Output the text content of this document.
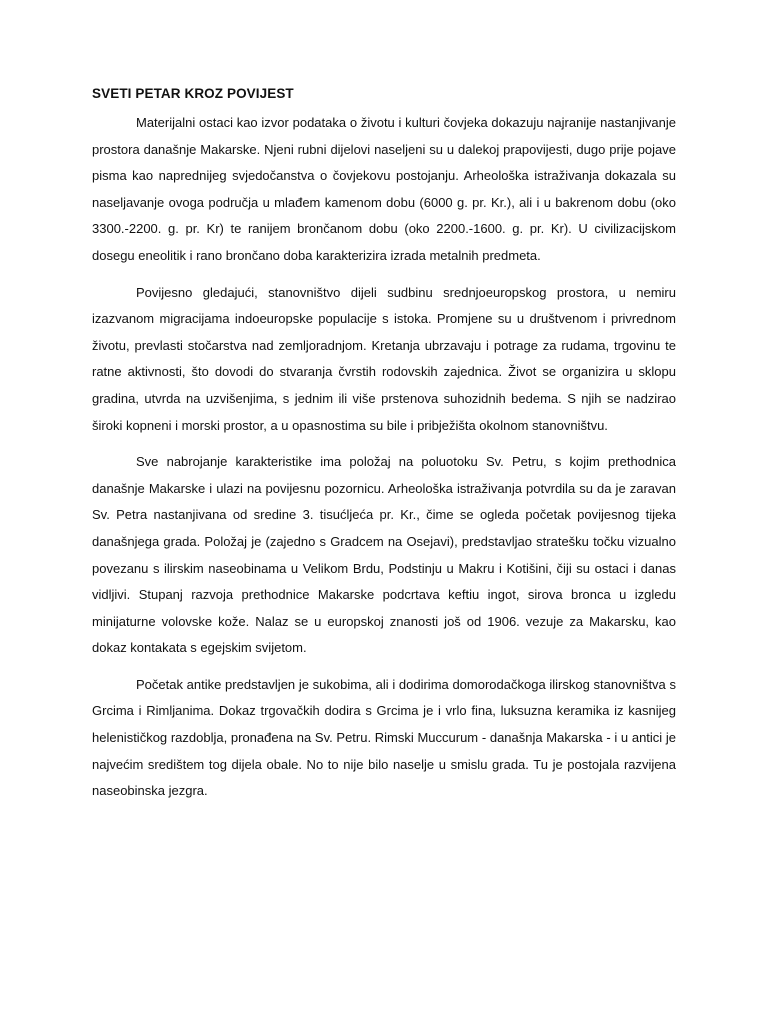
SVETI PETAR KROZ POVIJEST

Materijalni ostaci kao izvor podataka o životu i kulturi čovjeka dokazuju najranije nastanjivanje prostora današnje Makarske. Njeni rubni dijelovi naseljeni su u dalekoj prapovijesti, dugo prije pojave pisma kao naprednijeg svjedočanstva o čovjekovu postojanju. Arheološka istraživanja dokazala su naseljavanje ovoga područja u mlađem kamenom dobu (6000 g. pr. Kr.), ali i u bakrenom dobu (oko 3300.-2200. g. pr. Kr) te ranijem brončanom dobu (oko 2200.-1600. g. pr. Kr). U civilizacijskom dosegu eneolitik i rano brončano doba karakterizira izrada metalnih predmeta.

Povijesno gledajući, stanovništvo dijeli sudbinu srednjoeuropskog prostora, u nemiru izazvanom migracijama indoeuropske populacije s istoka. Promjene su u društvenom i privrednom životu, prevlasti stočarstva nad zemljoradnjom. Kretanja ubrzavaju i potrage za rudama, trgovinu te ratne aktivnosti, što dovodi do stvaranja čvrstih rodovskih zajednica. Život se organizira u sklopu gradina, utvrda na uzvišenjima, s jednim ili više prstenova suhozidnih bedema. S njih se nadzirao široki kopneni i morski prostor, a u opasnostima su bile i pribježišta okolnom stanovništvu.

Sve nabrojanje karakteristike ima položaj na poluotoku Sv. Petru, s kojim prethodnica današnje Makarske i ulazi na povijesnu pozornicu. Arheološka istraživanja potvrdila su da je zaravan Sv. Petra nastanjivana od sredine 3. tisućljeća pr. Kr., čime se ogleda početak povijesnog tijeka današnjega grada. Položaj je (zajedno s Gradcem na Osejavi), predstavljao stratešku točku vizualno povezanu s ilirskim naseobinama u Velikom Brdu, Podstinju u Makru i Kotišini, čiji su ostaci i danas vidljivi. Stupanj razvoja prethodnice Makarske podcrtava keftiu ingot, sirova bronca u izgledu minijaturne volovske kože. Nalaz se u europskoj znanosti još od 1906. vezuje za Makarsku, kao dokaz kontakata s egejskim svijetom.

Početak antike predstavljen je sukobima, ali i dodirima domorodačkoga ilirskog stanovništva s Grcima i Rimljanima. Dokaz trgovačkih dodira s Grcima je i vrlo fina, luksuzna keramika iz kasnijeg helenističkog razdoblja, pronađena na Sv. Petru. Rimski Muccurum - današnja Makarska - i u antici je najvećim središtem tog dijela obale. No to nije bilo naselje u smislu grada. Tu je postojala razvijena naseobinska jezgra.
